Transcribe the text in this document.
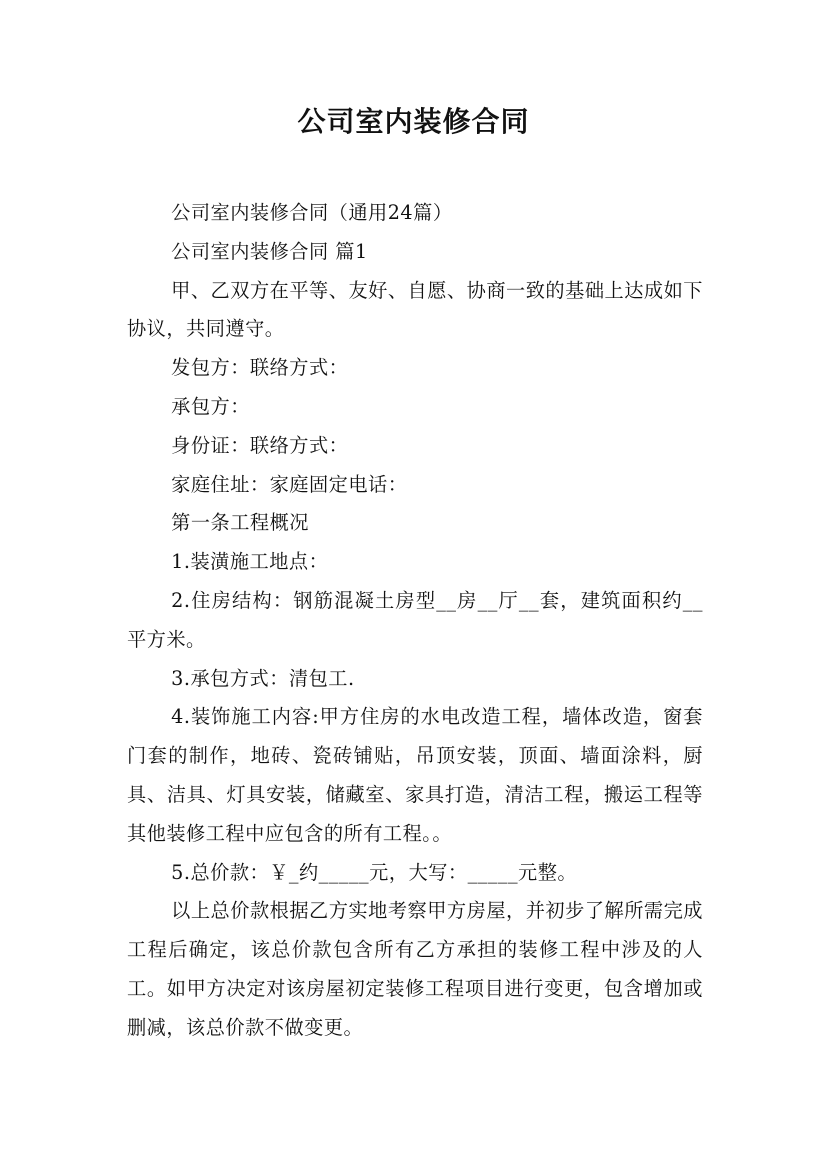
公司室内装修合同

公司室内装修合同（通用24篇）

公司室内装修合同 篇1

甲、乙双方在平等、友好、自愿、协商一致的基础上达成如下协议，共同遵守。

发包方：联络方式：

承包方：

身份证：联络方式：

家庭住址：家庭固定电话：

第一条工程概况

1.装潢施工地点：

2.住房结构：钢筋混凝土房型__房__厅__套，建筑面积约__平方米。

3.承包方式：清包工.

4.装饰施工内容:甲方住房的水电改造工程，墙体改造，窗套门套的制作，地砖、瓷砖铺贴，吊顶安装，顶面、墙面涂料，厨具、洁具、灯具安装，储藏室、家具打造，清洁工程，搬运工程等其他装修工程中应包含的所有工程。。

5.总价款：￥_约_____元，大写：_____元整。

以上总价款根据乙方实地考察甲方房屋，并初步了解所需完成工程后确定，该总价款包含所有乙方承担的装修工程中涉及的人工。如甲方决定对该房屋初定装修工程项目进行变更，包含增加或删减，该总价款不做变更。
